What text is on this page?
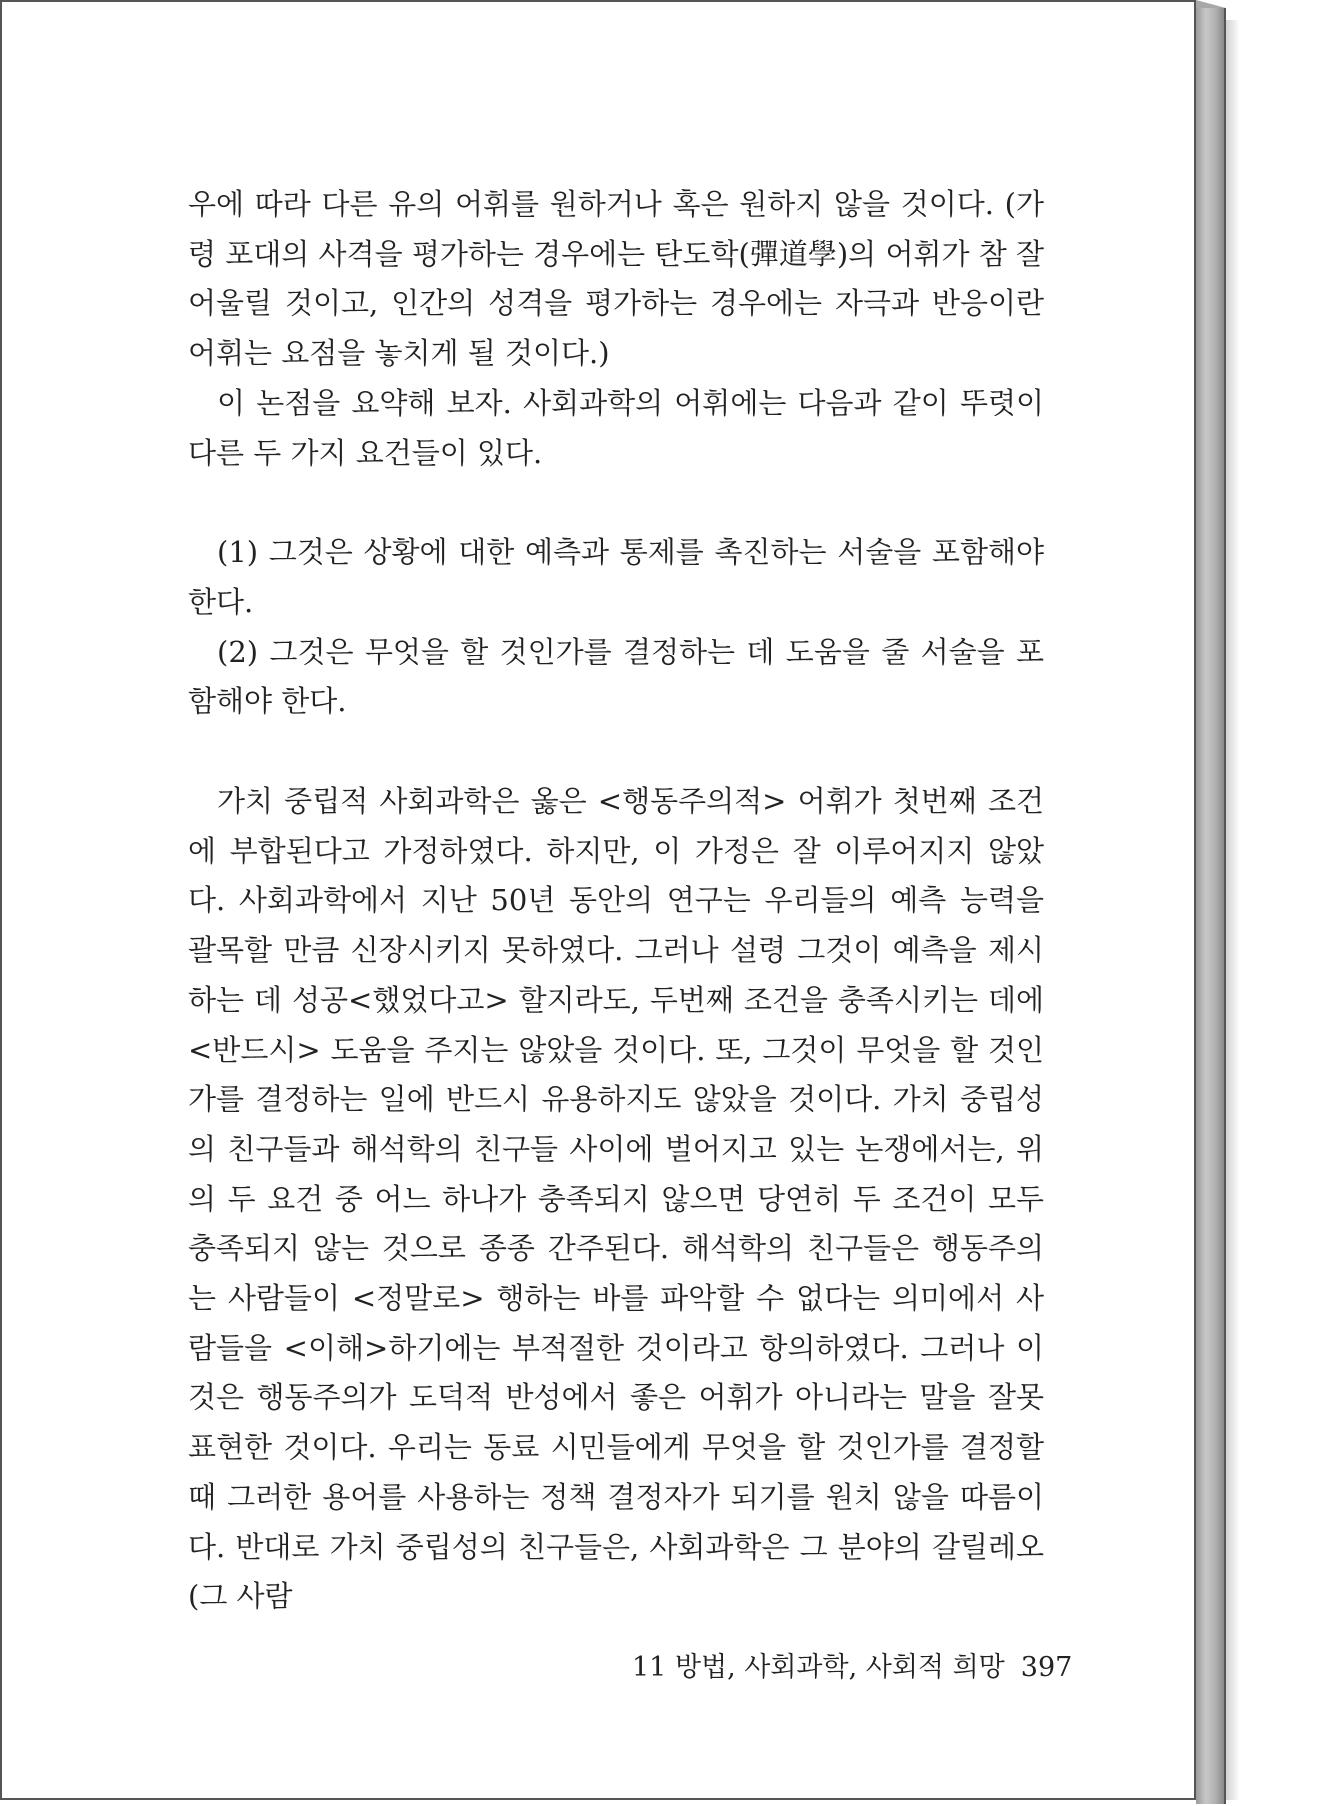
우에 따라 다른 유의 어휘를 원하거나 혹은 원하지 않을 것이다. (가령 포대의 사격을 평가하는 경우에는 탄도학(彈道學)의 어휘가 참 잘 어울릴 것이고, 인간의 성격을 평가하는 경우에는 자극과 반응이란 어휘는 요점을 놓치게 될 것이다.)

이 논점을 요약해 보자. 사회과학의 어휘에는 다음과 같이 뚜렷이 다른 두 가지 요건들이 있다.

(1) 그것은 상황에 대한 예측과 통제를 촉진하는 서술을 포함해야 한다.

(2) 그것은 무엇을 할 것인가를 결정하는 데 도움을 줄 서술을 포함해야 한다.

가치 중립적 사회과학은 옳은 <행동주의적> 어휘가 첫번째 조건에 부합된다고 가정하였다. 하지만, 이 가정은 잘 이루어지지 않았다. 사회과학에서 지난 50년 동안의 연구는 우리들의 예측 능력을 괄목할 만큼 신장시키지 못하였다. 그러나 설령 그것이 예측을 제시하는 데 성공<했었다고> 할지라도, 두번째 조건을 충족시키는 데에 <반드시> 도움을 주지는 않았을 것이다. 또, 그것이 무엇을 할 것인가를 결정하는 일에 반드시 유용하지도 않았을 것이다. 가치 중립성의 친구들과 해석학의 친구들 사이에 벌어지고 있는 논쟁에서는, 위의 두 요건 중 어느 하나가 충족되지 않으면 당연히 두 조건이 모두 충족되지 않는 것으로 종종 간주된다. 해석학의 친구들은 행동주의는 사람들이 <정말로> 행하는 바를 파악할 수 없다는 의미에서 사람들을 <이해>하기에는 부적절한 것이라고 항의하였다. 그러나 이것은 행동주의가 도덕적 반성에서 좋은 어휘가 아니라는 말을 잘못 표현한 것이다. 우리는 동료 시민들에게 무엇을 할 것인가를 결정할 때 그러한 용어를 사용하는 정책 결정자가 되기를 원치 않을 따름이다. 반대로 가치 중립성의 친구들은, 사회과학은 그 분야의 갈릴레오(그 사람

11 방법, 사회과학, 사회적 희망 397
